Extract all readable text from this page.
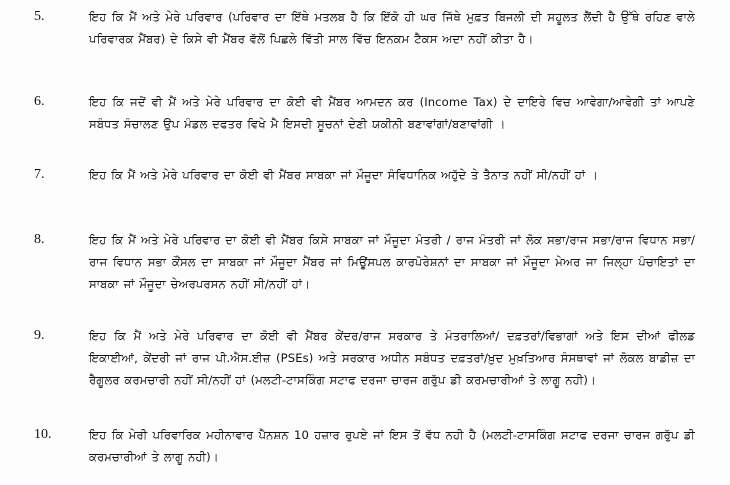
5.	ਇਹ ਕਿ ਮੈਂ ਅਤੇ ਮੇਰੇ ਪਰਿਵਾਰ (ਪਰਿਵਾਰ ਦਾ ਇੱਥੇ ਮਤਲਬ ਹੈ ਕਿ ਇੱਕੋ ਹੀ ਘਰ ਜਿੱਥੇ ਮੁਫ਼ਤ ਬਿਜਲੀ ਦੀ ਸਹੂਲਤ ਲੈਂਦੀ ਹੈ ਉੱਥੇ ਰਹਿਣ ਵਾਲੇ ਪਰਿਵਾਰਕ ਮੈਂਬਰ) ਦੇ ਕਿਸੇ ਵੀ ਮੈਂਬਰ ਵੱਲੋਂ ਪਿਛਲੇ ਵਿੱਤੀ ਸਾਲ ਵਿੱਚ ਇਨਕਮ ਟੈਕਸ ਅਦਾ ਨਹੀਂ ਕੀਤਾ ਹੈ।
6.	ਇਹ ਕਿ ਜਦੋਂ ਵੀ ਮੈਂ ਅਤੇ ਮੇਰੇ ਪਰਿਵਾਰ ਦਾ ਕੋਈ ਵੀ ਮੈਂਬਰ ਆਮਦਨ ਕਰ (Income Tax) ਦੇ ਦਾਇਰੇ ਵਿਚ ਆਵੇਗਾ/ਆਵੇਗੀ ਤਾਂ ਆਪਣੇ ਸਬੰਧਤ ਸੰਚਾਲਣ ਉਪ ਮੰਡਲ ਦਫਤਰ ਵਿਖੇ ਮੈ ਇਸਦੀ ਸੂਚਨਾਂ ਦੇਣੀ ਯਕੀਨੀ ਬਣਾਵਾਂਗਾਂ/ਬਣਾਵਾਂਗੀ ।
7.	ਇਹ ਕਿ ਮੈਂ ਅਤੇ ਮੇਰੇ ਪਰਿਵਾਰ ਦਾ ਕੋਈ ਵੀ ਮੈਂਬਰ ਸਾਬਕਾ ਜਾਂ ਮੌਜੂਦਾ ਸੰਵਿਧਾਨਿਕ ਅਹੁੱਦੇ ਤੇ ਤੈਨਾਤ ਨਹੀਂ ਸੀ/ਨਹੀਂ ਹਾਂ ।
8.	ਇਹ ਕਿ ਮੈਂ ਅਤੇ ਮੇਰੇ ਪਰਿਵਾਰ ਦਾ ਕੋਈ ਵੀ ਮੈਂਬਰ ਕਿਸੇ ਸਾਬਕਾ ਜਾਂ ਮੌਜੂਦਾ ਮੰਤਰੀ / ਰਾਜ ਮੰਤਰੀ ਜਾਂ ਲੋਕ ਸਭਾ/ਰਾਜ ਸਭਾ/ਰਾਜ ਵਿਧਾਨ ਸਭਾ/ਰਾਜ ਵਿਧਾਨ ਸਭਾ ਕੌਂਸਲ ਦਾ ਸਾਬਕਾ ਜਾਂ ਮੌਜੂਦਾ ਮੈਂਬਰ ਜਾਂ ਮਿਊਂਸਪਲ ਕਾਰਪੋਰੇਸ਼ਨਾਂ ਦਾ ਸਾਬਕਾ ਜਾਂ ਮੌਜੂਦਾ ਮੇਅਰ ਜਾ ਜਿਲ੍ਹਾ ਪੰਚਾਇਤਾਂ ਦਾ ਸਾਬਕਾ ਜਾਂ ਮੌਜੂਦਾ ਚੇਅਰਪਰਸਨ ਨਹੀਂ ਸੀ/ਨਹੀਂ ਹਾਂ।
9.	ਇਹ ਕਿ ਮੈਂ ਅਤੇ ਮੇਰੇ ਪਰਿਵਾਰ ਦਾ ਕੋਈ ਵੀ ਮੈਂਬਰ ਕੇਂਦਰ/ਰਾਜ ਸਰਕਾਰ ਤੇ ਮੰਤਰਾਲਿਆਂ/ ਦਫ਼ਤਰਾਂ/ਵਿਭਾਗਾਂ ਅਤੇ ਇਸ ਦੀਆਂ ਫੀਲਡ ਇਕਾਈਆਂ, ਕੇਂਦਰੀ ਜਾਂ ਰਾਜ ਪੀ.ਐਸ.ਈਜ਼ (PSEs) ਅਤੇ ਸਰਕਾਰ ਅਧੀਨ ਸਬੰਧਤ ਦਫ਼ਤਰਾਂ/ਖ਼ੁਦ ਮੁਖ਼ਤਿਆਰ ਸੰਸਥਾਵਾਂ ਜਾਂ ਲੋਕਲ ਬਾਡੀਜ਼ ਦਾ ਰੈਗੂਲਰ ਕਰਮਚਾਰੀ ਨਹੀਂ ਸੀ/ਨਹੀਂ ਹਾਂ (ਮਲਟੀ-ਟਾਸਕਿੰਗ ਸਟਾਫ ਦਰਜਾ ਚਾਰਜ ਗਰੁੱਪ ਡੀ ਕਰਮਚਾਰੀਆਂ ਤੇ ਲਾਗੂ ਨਹੀ)।
10.	ਇਹ ਕਿ ਮੇਰੀ ਪਰਿਵਾਰਿਕ ਮਹੀਨਾਵਾਰ ਪੈਨਸ਼ਨ 10 ਹਜ਼ਾਰ ਰੁਪਏ ਜਾਂ ਇਸ ਤੋਂ ਵੱਧ ਨਹੀ ਹੈ (ਮਲਟੀ-ਟਾਸਕਿੰਗ ਸਟਾਫ ਦਰਜਾ ਚਾਰਜ ਗਰੁੱਪ ਡੀ ਕਰਮਚਾਰੀਆਂ ਤੇ ਲਾਗੂ ਨਹੀ)।
